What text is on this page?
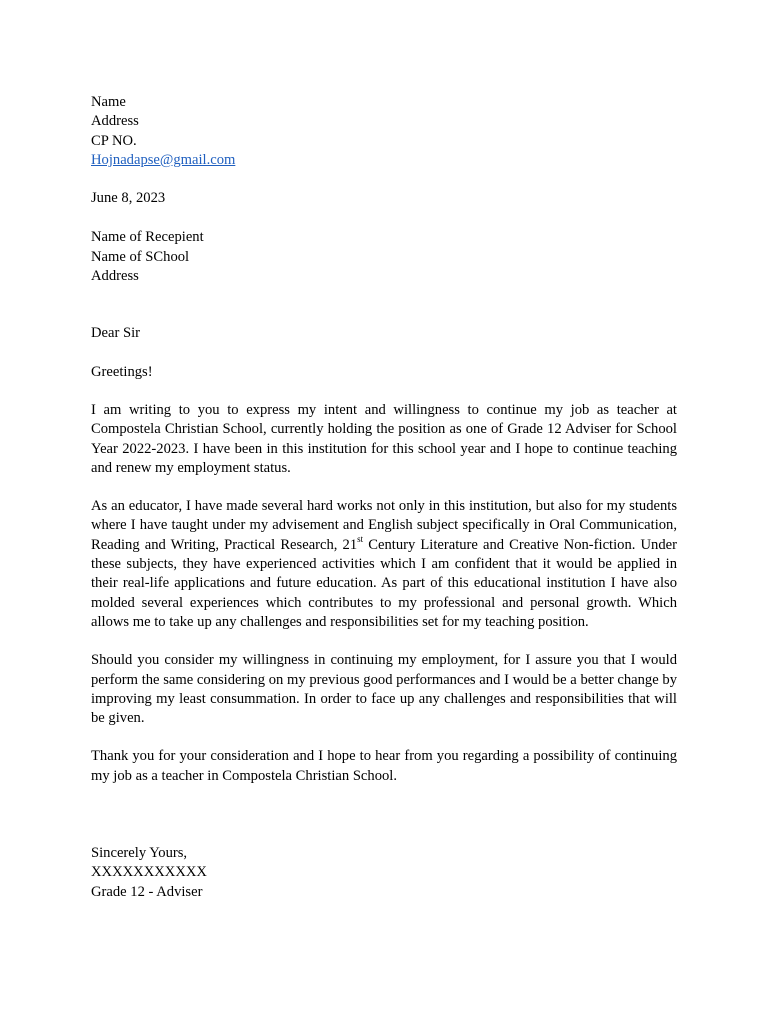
Name
Address
CP NO.
Hojnadapse@gmail.com
June 8, 2023
Name of Recepient
Name of SChool
Address
Dear Sir
Greetings!

I am writing to you to express my intent and willingness to continue my job as teacher at Compostela Christian School, currently holding the position as one of Grade 12 Adviser for School Year 2022-2023. I have been in this institution for this school year and I hope to continue teaching and renew my employment status.

As an educator, I have made several hard works not only in this institution, but also for my students where I have taught under my advisement and English subject specifically in Oral Communication, Reading and Writing, Practical Research, 21st Century Literature and Creative Non-fiction. Under these subjects, they have experienced activities which I am confident that it would be applied in their real-life applications and future education. As part of this educational institution I have also molded several experiences which contributes to my professional and personal growth. Which allows me to take up any challenges and responsibilities set for my teaching position.

Should you consider my willingness in continuing my employment, for I assure you that I would perform the same considering on my previous good performances and I would be a better change by improving my least consummation. In order to face up any challenges and responsibilities that will be given.

Thank you for your consideration and I hope to hear from you regarding a possibility of continuing my job as a teacher in Compostela Christian School.

Sincerely Yours,
XXXXXXXXXXX
Grade 12 - Adviser
